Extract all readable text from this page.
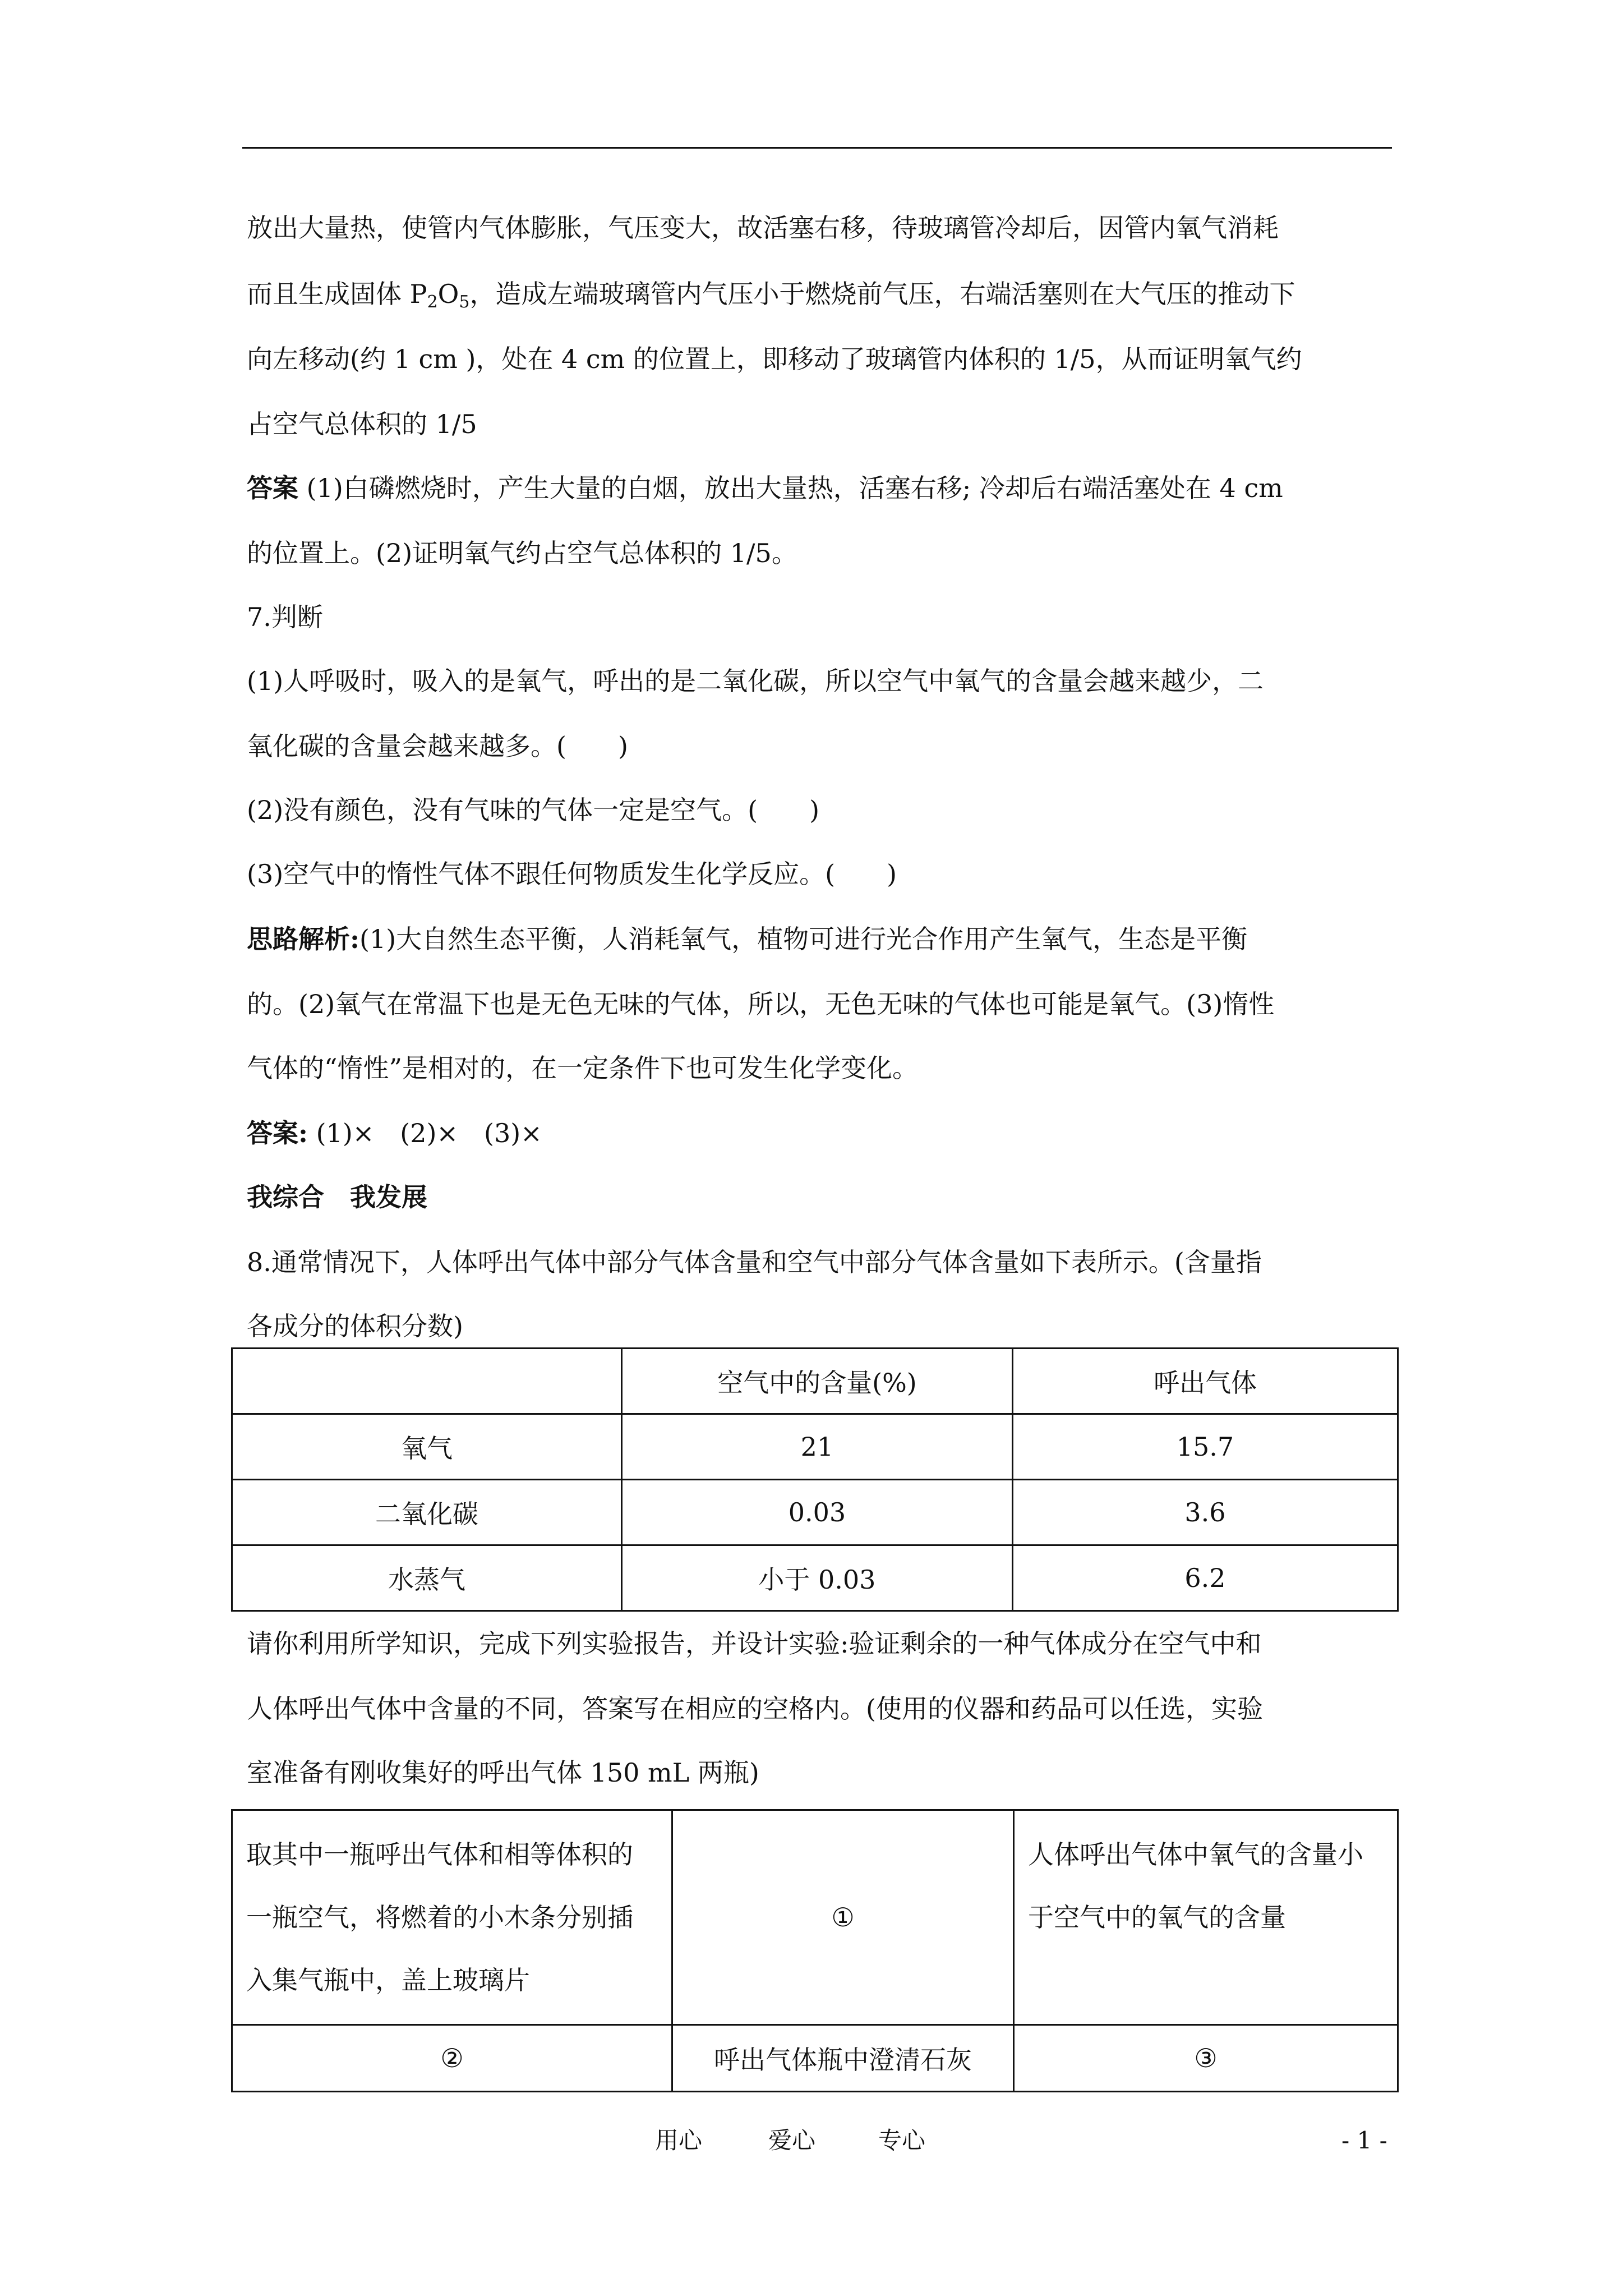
放出大量热，使管内气体膨胀，气压变大，故活塞右移，待玻璃管冷却后，因管内氧气消耗
而且生成固体 $P_2O_5$，造成左端玻璃管内气压小于燃烧前气压，右端活塞则在大气压的推动下
向左移动(约 1 cm )，处在 4 cm 的位置上，即移动了玻璃管内体积的 1/5，从而证明氧气约
占空气总体积的 1/5
答案 (1)白磷燃烧时，产生大量的白烟，放出大量热，活塞右移; 冷却后右端活塞处在 4 cm
的位置上。(2)证明氧气约占空气总体积的 1/5。
7.判断
(1)人呼吸时，吸入的是氧气，呼出的是二氧化碳，所以空气中氧气的含量会越来越少，二
氧化碳的含量会越来越多。(　　)
(2)没有颜色，没有气味的气体一定是空气。(　　)
(3)空气中的惰性气体不跟任何物质发生化学反应。(　　)
思路解析:(1)大自然生态平衡，人消耗氧气，植物可进行光合作用产生氧气，生态是平衡
的。(2)氧气在常温下也是无色无味的气体，所以，无色无味的气体也可能是氧气。(3)惰性
气体的“惰性”是相对的，在一定条件下也可发生化学变化。
答案: (1)×　(2)×　(3)×
我综合　我发展
8.通常情况下，人体呼出气体中部分气体含量和空气中部分气体含量如下表所示。(含量指
各成分的体积分数)
	空气中的含量(%)	呼出气体
氧气	21	15.7
二氧化碳	0.03	3.6
水蒸气	小于 0.03	6.2
请你利用所学知识，完成下列实验报告，并设计实验:验证剩余的一种气体成分在空气中和
人体呼出气体中含量的不同，答案写在相应的空格内。(使用的仪器和药品可以任选，实验
室准备有刚收集好的呼出气体 150 mL 两瓶)
取其中一瓶呼出气体和相等体积的一瓶空气，将燃着的小木条分别插入集气瓶中，盖上玻璃片	①	人体呼出气体中氧气的含量小于空气中的氧气的含量
②	呼出气体瓶中澄清石灰	③
用心	爱心	专心	- 1 -
